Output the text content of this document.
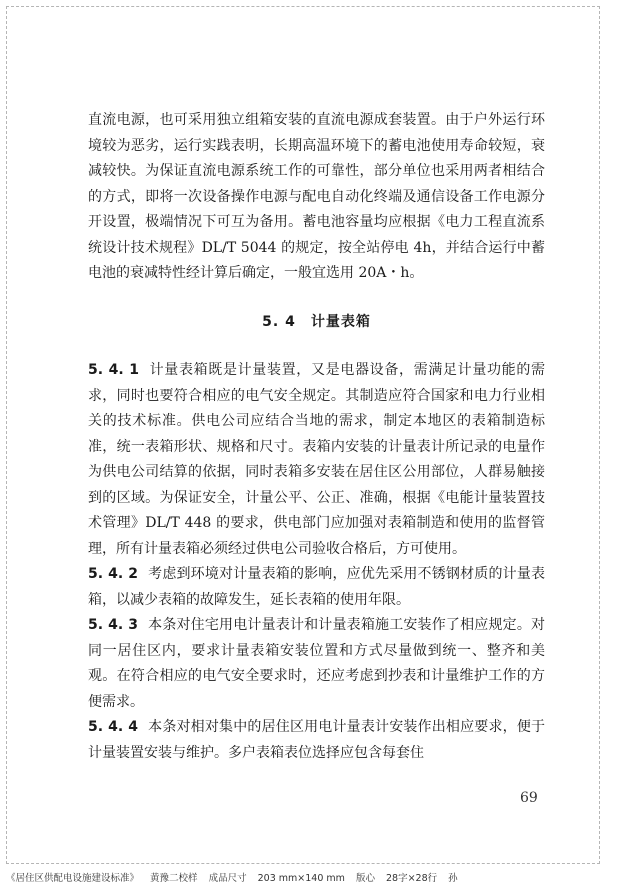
直流电源，也可采用独立组箱安装的直流电源成套装置。由于户外运行环境较为恶劣，运行实践表明，长期高温环境下的蓄电池使用寿命较短，衰减较快。为保证直流电源系统工作的可靠性，部分单位也采用两者相结合的方式，即将一次设备操作电源与配电自动化终端及通信设备工作电源分开设置，极端情况下可互为备用。蓄电池容量均应根据《电力工程直流系统设计技术规程》DL/T 5044 的规定，按全站停电 4h，并结合运行中蓄电池的衰减特性经计算后确定，一般宜选用 20A・h。

5. 4　计量表箱

5. 4. 1 计量表箱既是计量装置，又是电器设备，需满足计量功能的需求，同时也要符合相应的电气安全规定。其制造应符合国家和电力行业相关的技术标准。供电公司应结合当地的需求，制定本地区的表箱制造标准，统一表箱形状、规格和尺寸。表箱内安装的计量表计所记录的电量作为供电公司结算的依据，同时表箱多安装在居住区公用部位，人群易触接到的区域。为保证安全，计量公平、公正、准确，根据《电能计量装置技术管理》DL/T 448 的要求，供电部门应加强对表箱制造和使用的监督管理，所有计量表箱必须经过供电公司验收合格后，方可使用。

5. 4. 2 考虑到环境对计量表箱的影响，应优先采用不锈钢材质的计量表箱，以减少表箱的故障发生，延长表箱的使用年限。

5. 4. 3 本条对住宅用电计量表计和计量表箱施工安装作了相应规定。对同一居住区内，要求计量表箱安装位置和方式尽量做到统一、整齐和美观。在符合相应的电气安全要求时，还应考虑到抄表和计量维护工作的方便需求。

5. 4. 4 本条对相对集中的居住区用电计量表计安装作出相应要求，便于计量装置安装与维护。多户表箱表位选择应包含每套住

69
《居住区供配电设施建设标准》 黄豫二校样 成品尺寸 203 mm×140 mm 版心 28字×28行 孙
